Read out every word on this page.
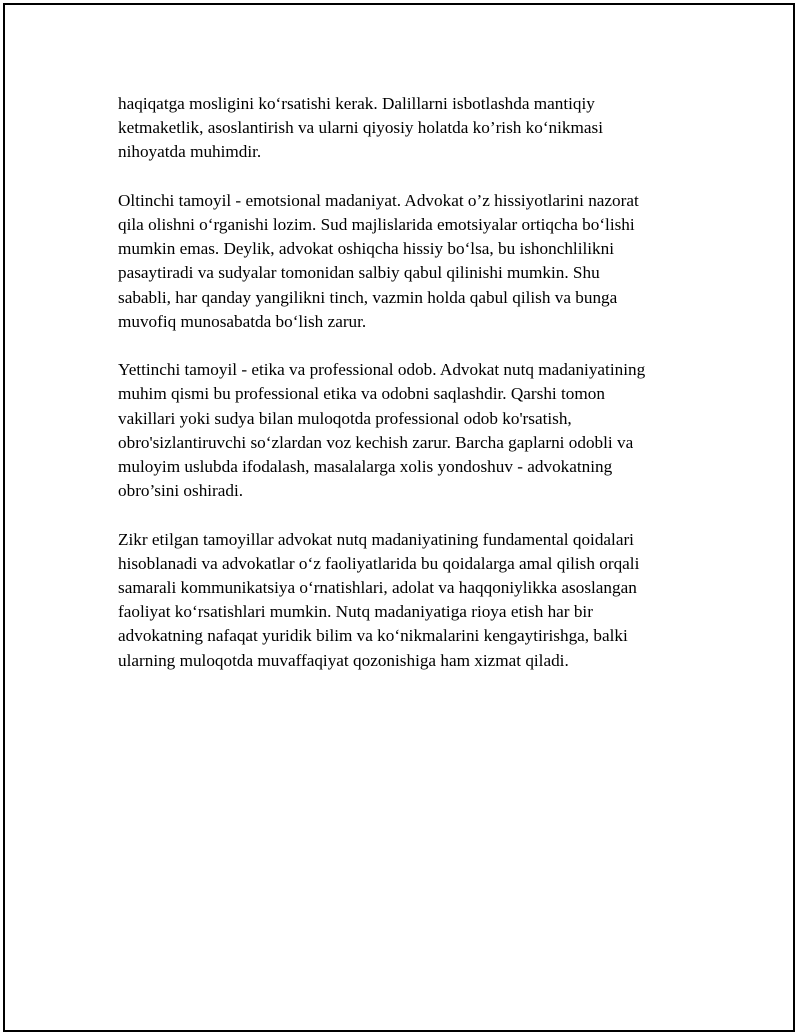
haqiqatga mosligini ko‘rsatishi kerak. Dalillarni isbotlashda mantiqiy
ketmaketlik, asoslantirish va ularni qiyosiy holatda ko’rish ko‘nikmasi
nihoyatda muhimdir.
Oltinchi tamoyil - emotsional madaniyat. Advokat o’z hissiyotlarini nazorat
qila olishni o‘rganishi lozim. Sud majlislarida emotsiyalar ortiqcha bo‘lishi
mumkin emas. Deylik, advokat oshiqcha hissiy bo‘lsa, bu ishonchlilikni
pasaytiradi va sudyalar tomonidan salbiy qabul qilinishi mumkin. Shu
sababli, har qanday yangilikni tinch, vazmin holda qabul qilish va bunga
muvofiq munosabatda bo‘lish zarur.
Yettinchi tamoyil - etika va professional odob. Advokat nutq madaniyatining
muhim qismi bu professional etika va odobni saqlashdir. Qarshi tomon
vakillari yoki sudya bilan muloqotda professional odob ko'rsatish,
obro'sizlantiruvchi so‘zlardan voz kechish zarur. Barcha gaplarni odobli va
muloyim uslubda ifodalash, masalalarga xolis yondoshuv - advokatning
obro’sini oshiradi.
Zikr etilgan tamoyillar advokat nutq madaniyatining fundamental qoidalari
hisoblanadi va advokatlar o‘z faoliyatlarida bu qoidalarga amal qilish orqali
samarali kommunikatsiya o‘rnatishlari, adolat va haqqoniylikka asoslangan
faoliyat ko‘rsatishlari mumkin. Nutq madaniyatiga rioya etish har bir
advokatning nafaqat yuridik bilim va ko‘nikmalarini kengaytirishga, balki
ularning muloqotda muvaffaqiyat qozonishiga ham xizmat qiladi.
